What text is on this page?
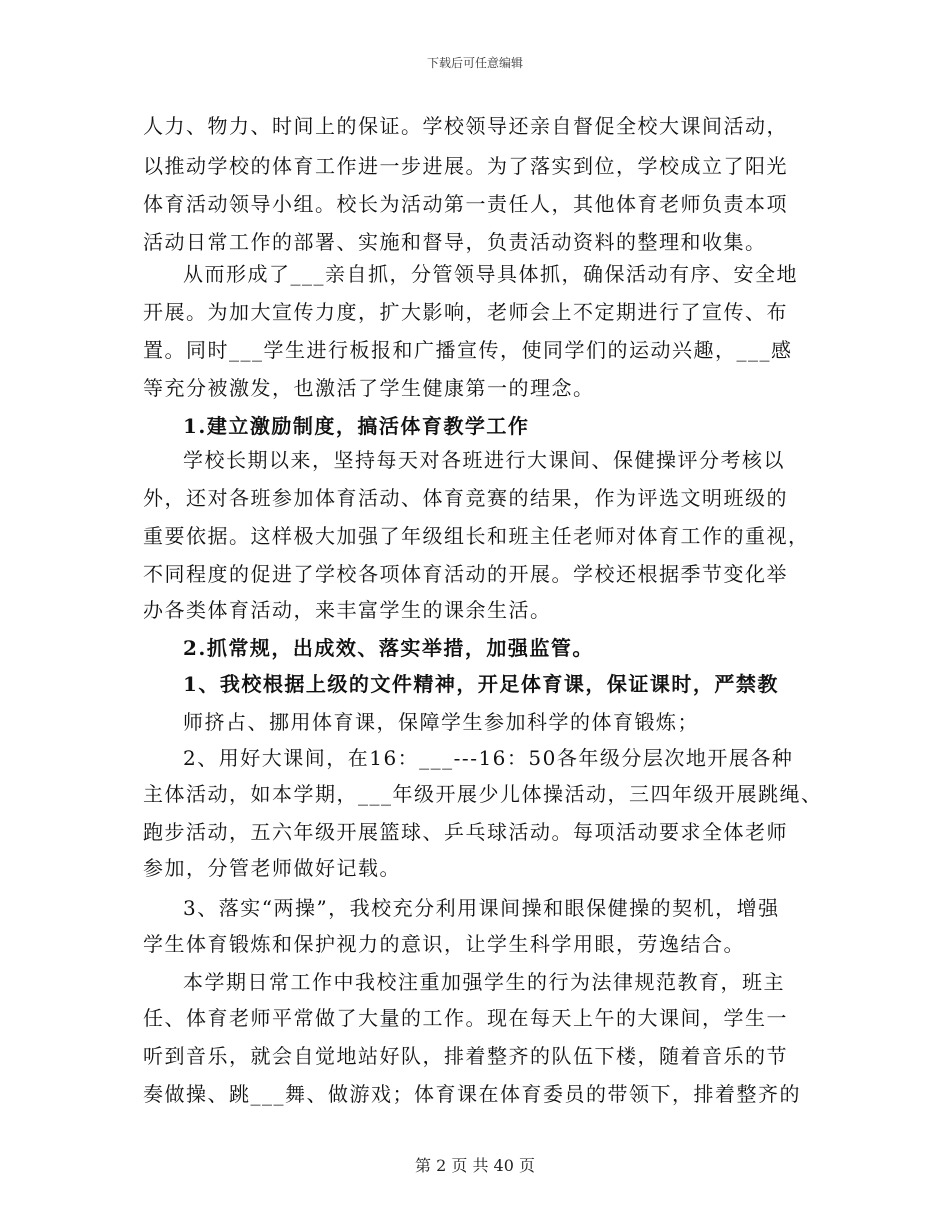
下载后可任意编辑
人力、物力、时间上的保证。学校领导还亲自督促全校大课间活动，
以推动学校的体育工作进一步进展。为了落实到位，学校成立了阳光
体育活动领导小组。校长为活动第一责任人，其他体育老师负责本项
活动日常工作的部署、实施和督导，负责活动资料的整理和收集。
从而形成了___亲自抓，分管领导具体抓，确保活动有序、安全地
开展。为加大宣传力度，扩大影响，老师会上不定期进行了宣传、布
置。同时___学生进行板报和广播宣传，使同学们的运动兴趣，___感
等充分被激发，也激活了学生健康第一的理念。
1.建立激励制度，搞活体育教学工作
学校长期以来，坚持每天对各班进行大课间、保健操评分考核以
外，还对各班参加体育活动、体育竞赛的结果，作为评选文明班级的
重要依据。这样极大加强了年级组长和班主任老师对体育工作的重视，
不同程度的促进了学校各项体育活动的开展。学校还根据季节变化举
办各类体育活动，来丰富学生的课余生活。
2.抓常规，出成效、落实举措，加强监管。
1、我校根据上级的文件精神，开足体育课，保证课时，严禁教
师挤占、挪用体育课，保障学生参加科学的体育锻炼；
2、用好大课间，在16：___---16：50各年级分层次地开展各种
主体活动，如本学期，___年级开展少儿体操活动，三四年级开展跳绳、
跑步活动，五六年级开展篮球、乒乓球活动。每项活动要求全体老师
参加，分管老师做好记载。
3、落实“两操”，我校充分利用课间操和眼保健操的契机，增强
学生体育锻炼和保护视力的意识，让学生科学用眼，劳逸结合。
本学期日常工作中我校注重加强学生的行为法律规范教育，班主
任、体育老师平常做了大量的工作。现在每天上午的大课间，学生一
听到音乐，就会自觉地站好队，排着整齐的队伍下楼，随着音乐的节
奏做操、跳___舞、做游戏；体育课在体育委员的带领下，排着整齐的
第 2 页 共 40 页
